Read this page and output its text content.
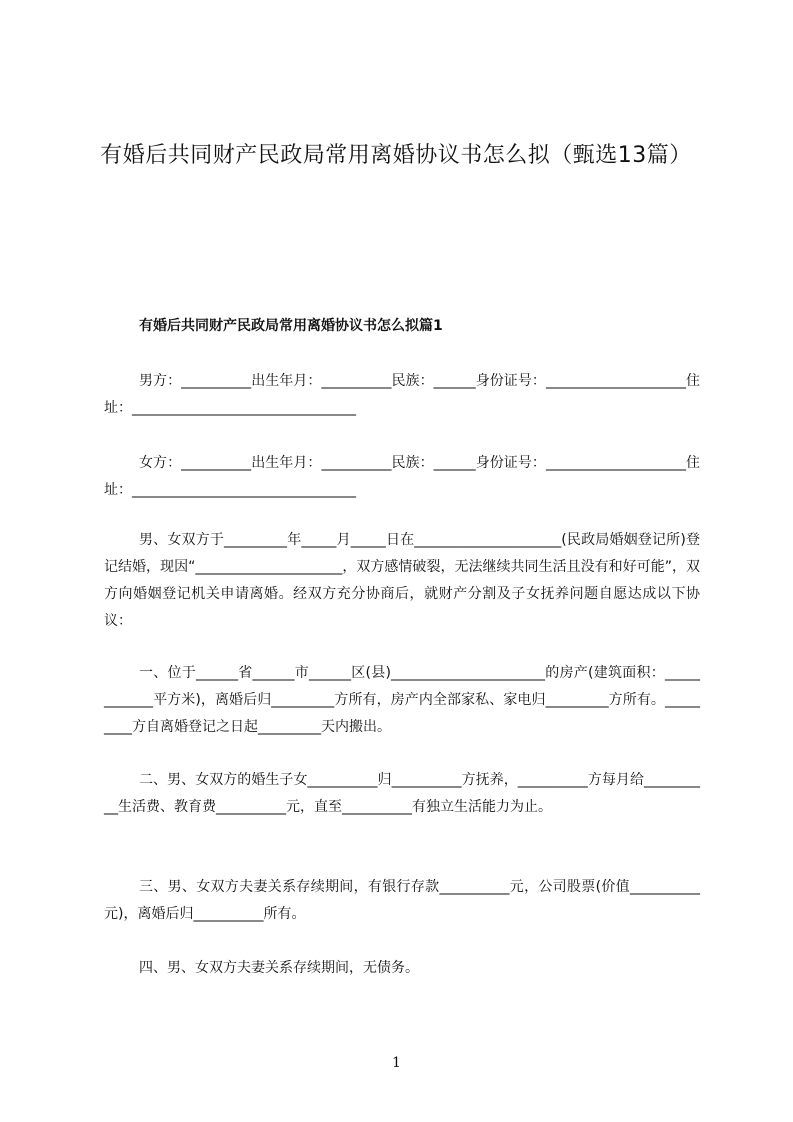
有婚后共同财产民政局常用离婚协议书怎么拟（甄选13篇）
有婚后共同财产民政局常用离婚协议书怎么拟篇1
男方：__________出生年月：__________民族：______身份证号：____________________住址：________________________________
女方：__________出生年月：__________民族：______身份证号：____________________住址：________________________________
男、女双方于_________年_____月_____日在_____________________(民政局婚姻登记所)登记结婚，现因“_____________________，双方感情破裂，无法继续共同生活且没有和好可能”，双方向婚姻登记机关申请离婚。经双方充分协商后，就财产分割及子女抚养问题自愿达成以下协议：
一、位于______省______市______区(县)______________________的房产(建筑面积：____________平方米)，离婚后归_________方所有，房产内全部家私、家电归_________方所有。_________方自离婚登记之日起_________天内搬出。
二、男、女双方的婚生子女__________归__________方抚养，__________方每月给__________生活费、教育费__________元，直至__________有独立生活能力为止。
三、男、女双方夫妻关系存续期间，有银行存款__________元，公司股票(价值__________元)，离婚后归__________所有。
四、男、女双方夫妻关系存续期间，无债务。
1
